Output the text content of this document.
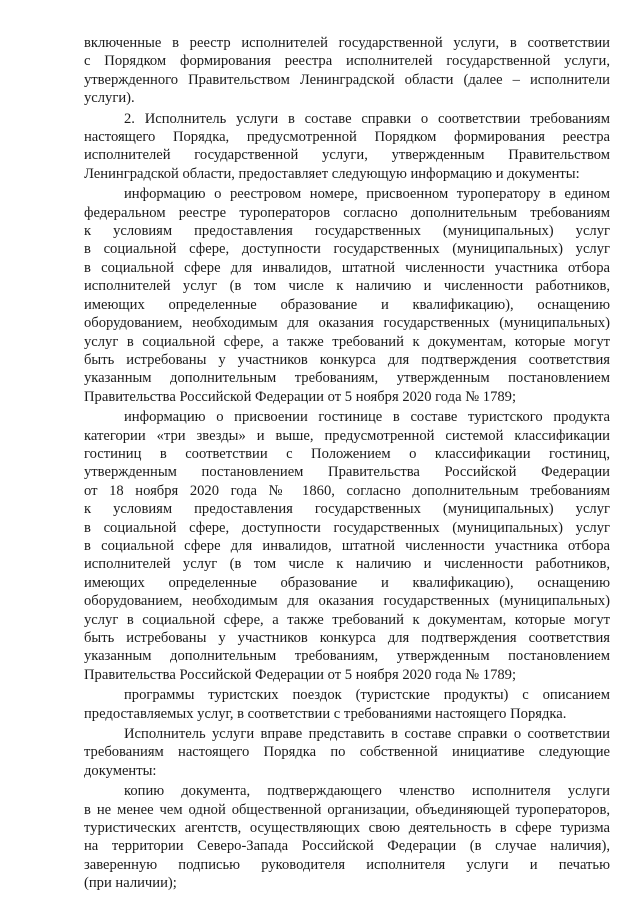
включенные в реестр исполнителей государственной услуги, в соответствии
с Порядком формирования реестра исполнителей государственной услуги,
утвержденного Правительством Ленинградской области (далее – исполнители
услуги).
2. Исполнитель услуги в составе справки о соответствии требованиям
настоящего Порядка, предусмотренной Порядком формирования реестра
исполнителей государственной услуги, утвержденным Правительством
Ленинградской области, предоставляет следующую информацию и документы:
информацию о реестровом номере, присвоенном туроператору в едином
федеральном реестре туроператоров согласно дополнительным требованиям
к условиям предоставления государственных (муниципальных) услуг
в социальной сфере, доступности государственных (муниципальных) услуг
в социальной сфере для инвалидов, штатной численности участника отбора
исполнителей услуг (в том числе к наличию и численности работников,
имеющих определенные образование и квалификацию), оснащению
оборудованием, необходимым для оказания государственных (муниципальных)
услуг в социальной сфере, а также требований к документам, которые могут
быть истребованы у участников конкурса для подтверждения соответствия
указанным дополнительным требованиям, утвержденным постановлением
Правительства Российской Федерации от 5 ноября 2020 года № 1789;
информацию о присвоении гостинице в составе туристского продукта
категории «три звезды» и выше, предусмотренной системой классификации
гостиниц в соответствии с Положением о классификации гостиниц,
утвержденным постановлением Правительства Российской Федерации
от 18 ноября 2020 года № 1860, согласно дополнительным требованиям
к условиям предоставления государственных (муниципальных) услуг
в социальной сфере, доступности государственных (муниципальных) услуг
в социальной сфере для инвалидов, штатной численности участника отбора
исполнителей услуг (в том числе к наличию и численности работников,
имеющих определенные образование и квалификацию), оснащению
оборудованием, необходимым для оказания государственных (муниципальных)
услуг в социальной сфере, а также требований к документам, которые могут
быть истребованы у участников конкурса для подтверждения соответствия
указанным дополнительным требованиям, утвержденным постановлением
Правительства Российской Федерации от 5 ноября 2020 года № 1789;
программы туристских поездок (туристские продукты) с описанием
предоставляемых услуг, в соответствии с требованиями настоящего Порядка.
Исполнитель услуги вправе представить в составе справки о соответствии
требованиям настоящего Порядка по собственной инициативе следующие
документы:
копию документа, подтверждающего членство исполнителя услуги
в не менее чем одной общественной организации, объединяющей туроператоров,
туристических агентств, осуществляющих свою деятельность в сфере туризма
на территории Северо-Запада Российской Федерации (в случае наличия),
заверенную подписью руководителя исполнителя услуги и печатью
(при наличии);
